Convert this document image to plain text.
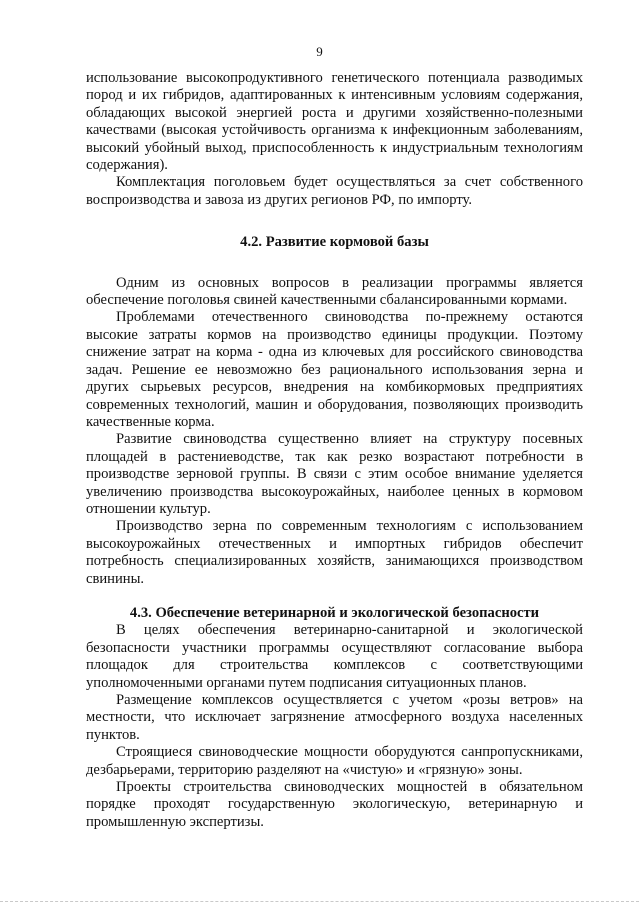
9

использование высокопродуктивного генетического потенциала разводимых пород и их гибридов, адаптированных к интенсивным условиям содержания, обладающих высокой энергией роста и другими хозяйственно-полезными качествами (высокая устойчивость организма к инфекционным заболеваниям, высокий убойный выход, приспособленность к индустриальным технологиям содержания).

Комплектация поголовьем будет осуществляться за счет собственного воспроизводства и завоза из других регионов РФ, по импорту.

4.2. Развитие кормовой базы

Одним из основных вопросов в реализации программы является обеспечение поголовья свиней качественными сбалансированными кормами.

Проблемами отечественного свиноводства по-прежнему остаются высокие затраты кормов на производство единицы продукции. Поэтому снижение затрат на корма - одна из ключевых для российского свиноводства задач. Решение ее невозможно без рационального использования зерна и других сырьевых ресурсов, внедрения на комбикормовых предприятиях современных технологий, машин и оборудования, позволяющих производить качественные корма.

Развитие свиноводства существенно влияет на структуру посевных площадей в растениеводстве, так как резко возрастают потребности в производстве зерновой группы. В связи с этим особое внимание уделяется увеличению производства высокоурожайных, наиболее ценных в кормовом отношении культур.

Производство зерна по современным технологиям с использованием высокоурожайных отечественных и импортных гибридов обеспечит потребность специализированных хозяйств, занимающихся производством свинины.

4.3. Обеспечение ветеринарной и экологической безопасности

В целях обеспечения ветеринарно-санитарной и экологической безопасности участники программы осуществляют согласование выбора площадок для строительства комплексов с соответствующими уполномоченными органами путем подписания ситуационных планов.

Размещение комплексов осуществляется с учетом «розы ветров» на местности, что исключает загрязнение атмосферного воздуха населенных пунктов.

Строящиеся свиноводческие мощности оборудуются санпропускниками, дезбарьерами, территорию разделяют на «чистую» и «грязную» зоны.

Проекты строительства свиноводческих мощностей в обязательном порядке проходят государственную экологическую, ветеринарную и промышленную экспертизы.
